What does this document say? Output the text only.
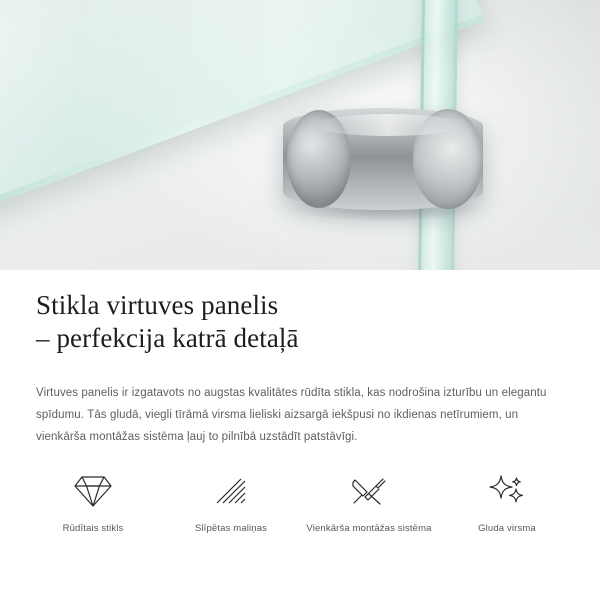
Stikla virtuves panelis
– perfekcija katrā detaļā

Virtuves panelis ir izgatavots no augstas kvalitātes rūdīta stikla, kas nodrošina izturību un elegantu spīdumu. Tās gludā, viegli tīrāmā virsma lieliski aizsargā iekšpusi no ikdienas netīrumiem, un vienkārša montāžas sistēma ļauj to pilnībā uzstādīt patstāvīgi.

Rūdītais stikls	Slīpētas maliņas	Vienkārša montāžas sistēma	Gluda virsma
